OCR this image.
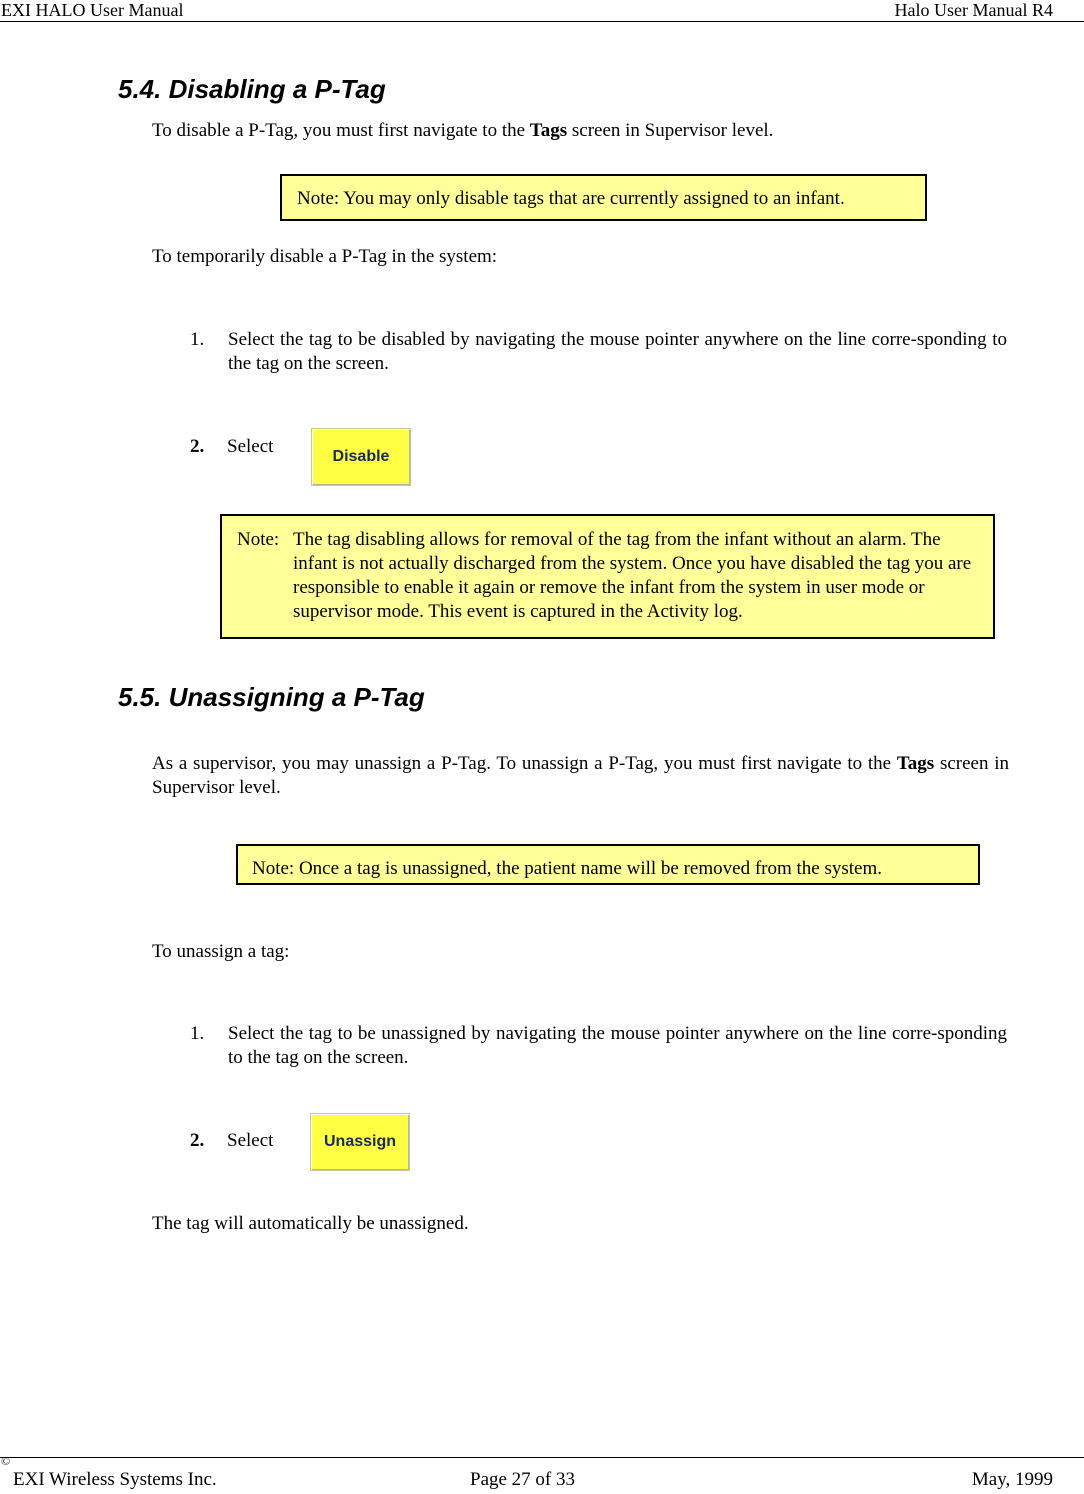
EXI HALO User Manual	Halo User Manual R4
5.4. Disabling a P-Tag
To disable a P-Tag, you must first navigate to the Tags screen in Supervisor level.
Note: You may only disable tags that are currently assigned to an infant.
To temporarily disable a P-Tag in the system:
1. Select the tag to be disabled by navigating the mouse pointer anywhere on the line corre-sponding to the tag on the screen.
2. Select	Disable
Note: The tag disabling allows for removal of the tag from the infant without an alarm. The infant is not actually discharged from the system. Once you have disabled the tag you are responsible to enable it again or remove the infant from the system in user mode or supervisor mode. This event is captured in the Activity log.
5.5. Unassigning a P-Tag
As a supervisor, you may unassign a P-Tag. To unassign a P-Tag, you must first navigate to the Tags screen in Supervisor level.
Note: Once a tag is unassigned, the patient name will be removed from the system.
To unassign a tag:
1. Select the tag to be unassigned by navigating the mouse pointer anywhere on the line corre-sponding to the tag on the screen.
2. Select	Unassign
The tag will automatically be unassigned.
©
EXI Wireless Systems Inc.	Page 27 of 33	May, 1999
